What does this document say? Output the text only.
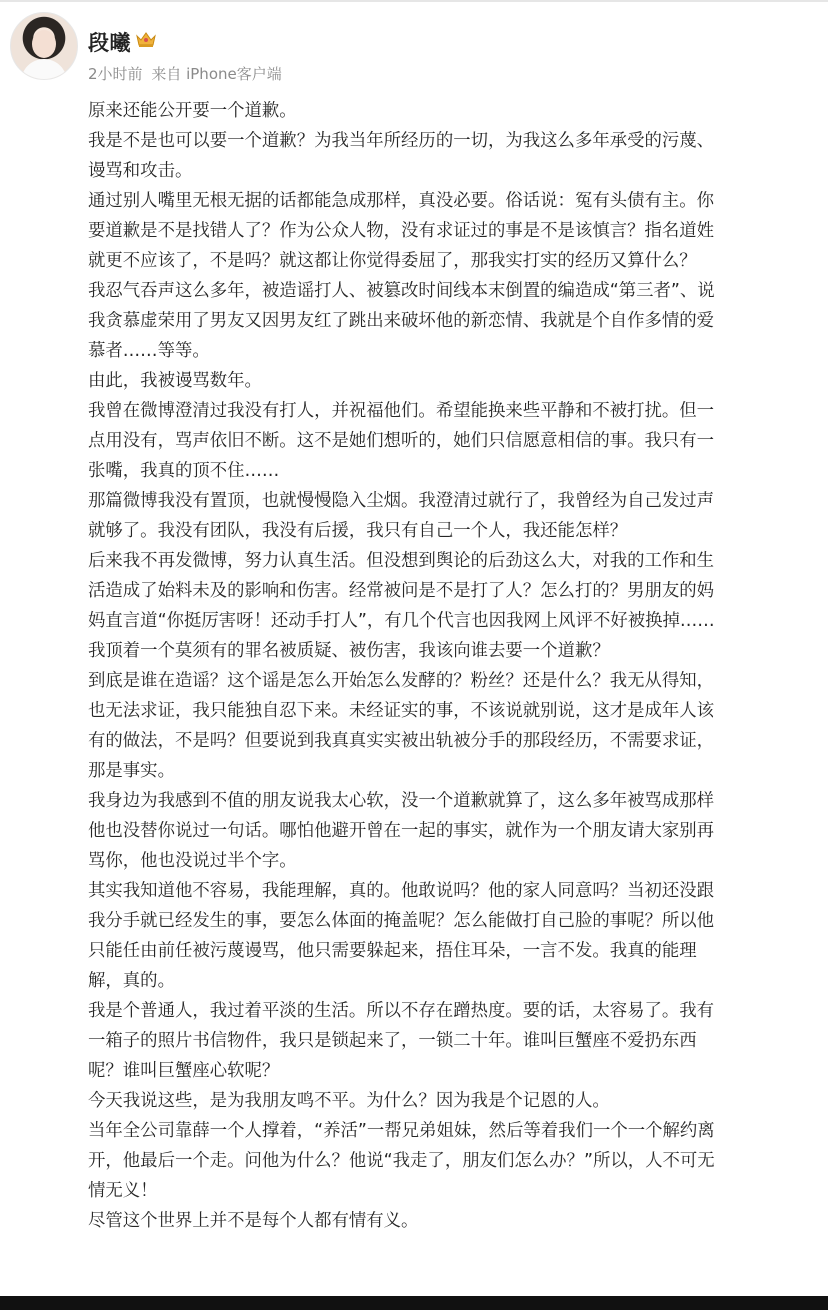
段曦
2小时前 来自 iPhone客户端

原来还能公开要一个道歉。

我是不是也可以要一个道歉？为我当年所经历的一切，为我这么多年承受的污蔑、
谩骂和攻击。

通过别人嘴里无根无据的话都能急成那样，真没必要。俗话说：冤有头债有主。你
要道歉是不是找错人了？作为公众人物，没有求证过的事是不是该慎言？指名道姓
就更不应该了，不是吗？就这都让你觉得委屈了，那我实打实的经历又算什么？

我忍气吞声这么多年，被造谣打人、被篡改时间线本末倒置的编造成“第三者”、说
我贪慕虚荣用了男友又因男友红了跳出来破坏他的新恋情、我就是个自作多情的爱
慕者……等等。

由此，我被谩骂数年。

我曾在微博澄清过我没有打人，并祝福他们。希望能换来些平静和不被打扰。但一
点用没有，骂声依旧不断。这不是她们想听的，她们只信愿意相信的事。我只有一
张嘴，我真的顶不住……

那篇微博我没有置顶，也就慢慢隐入尘烟。我澄清过就行了，我曾经为自己发过声
就够了。我没有团队，我没有后援，我只有自己一个人，我还能怎样？

后来我不再发微博，努力认真生活。但没想到舆论的后劲这么大，对我的工作和生
活造成了始料未及的影响和伤害。经常被问是不是打了人？怎么打的？男朋友的妈
妈直言道“你挺厉害呀！还动手打人”，有几个代言也因我网上风评不好被换掉……

我顶着一个莫须有的罪名被质疑、被伤害，我该向谁去要一个道歉？

到底是谁在造谣？这个谣是怎么开始怎么发酵的？粉丝？还是什么？我无从得知，
也无法求证，我只能独自忍下来。未经证实的事，不该说就别说，这才是成年人该
有的做法，不是吗？但要说到我真真实实被出轨被分手的那段经历，不需要求证，
那是事实。

我身边为我感到不值的朋友说我太心软，没一个道歉就算了，这么多年被骂成那样
他也没替你说过一句话。哪怕他避开曾在一起的事实，就作为一个朋友请大家别再
骂你，他也没说过半个字。

其实我知道他不容易，我能理解，真的。他敢说吗？他的家人同意吗？当初还没跟
我分手就已经发生的事，要怎么体面的掩盖呢？怎么能做打自己脸的事呢？所以他
只能任由前任被污蔑谩骂，他只需要躲起来，捂住耳朵，一言不发。我真的能理
解，真的。

我是个普通人，我过着平淡的生活。所以不存在蹭热度。要的话，太容易了。我有
一箱子的照片书信物件，我只是锁起来了，一锁二十年。谁叫巨蟹座不爱扔东西
呢？谁叫巨蟹座心软呢？

今天我说这些，是为我朋友鸣不平。为什么？因为我是个记恩的人。

当年全公司靠薛一个人撑着，“养活”一帮兄弟姐妹，然后等着我们一个一个解约离
开，他最后一个走。问他为什么？他说“我走了，朋友们怎么办？”所以，人不可无
情无义！

尽管这个世界上并不是每个人都有情有义。
